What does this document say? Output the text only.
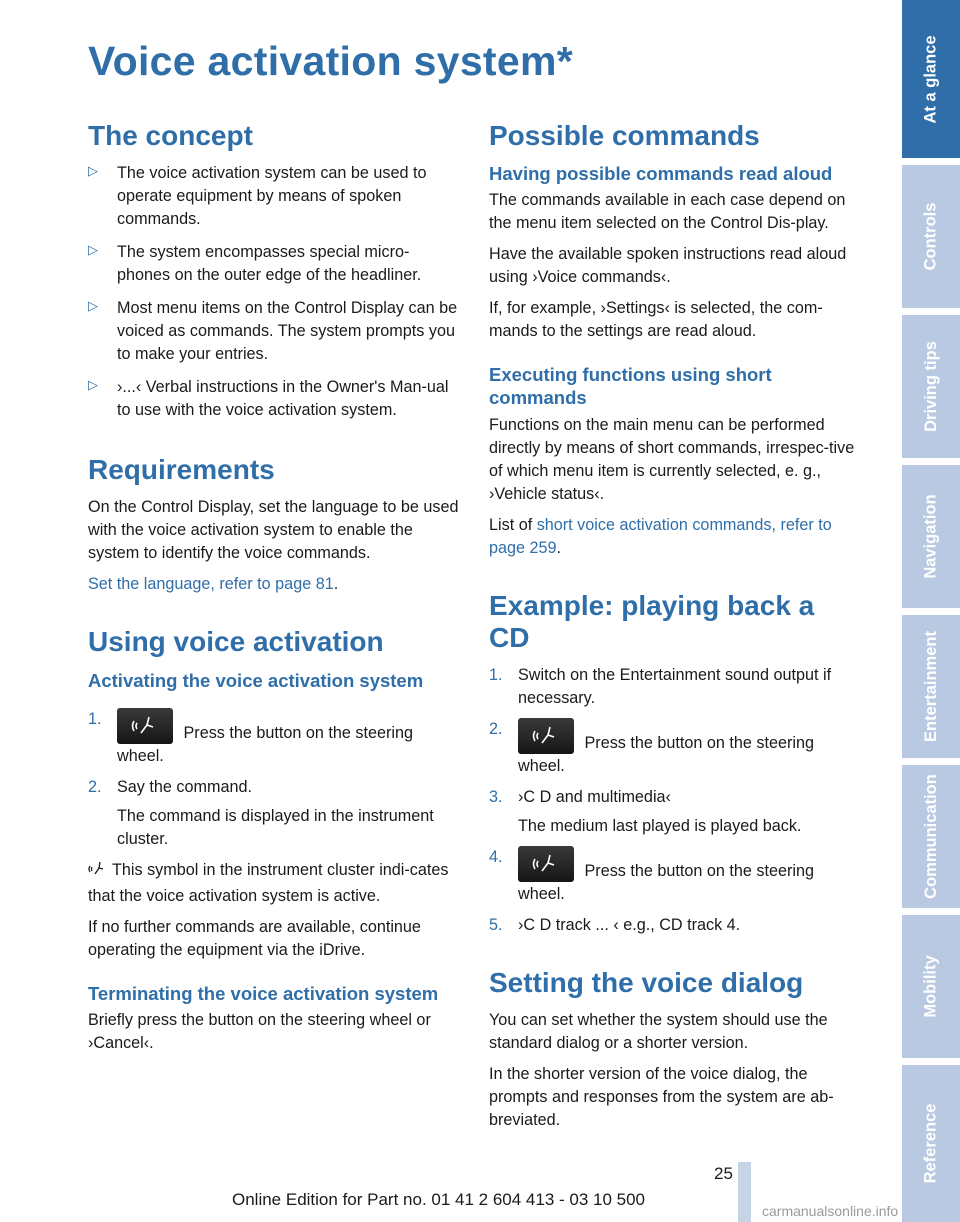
Voice activation system*
The concept
▷ The voice activation system can be used to operate equipment by means of spoken commands.
▷ The system encompasses special micro-phones on the outer edge of the headliner.
▷ Most menu items on the Control Display can be voiced as commands. The system prompts you to make your entries.
▷ ›...‹ Verbal instructions in the Owner's Man-ual to use with the voice activation system.
Requirements

On the Control Display, set the language to be used with the voice activation system to enable the system to identify the voice commands.

Set the language, refer to page 81.

Using voice activation
Activating the voice activation system
1.
Press the button on the steering wheel.
2. Say the command.
The command is displayed in the instrument cluster.

This symbol in the instrument cluster indi-cates that the voice activation system is active.

If no further commands are available, continue operating the equipment via the iDrive.

Terminating the voice activation system

Briefly press the button on the steering wheel or ›Cancel‹.

Possible commands
Having possible commands read aloud

The commands available in each case depend on the menu item selected on the Control Dis-play.

Have the available spoken instructions read aloud using ›Voice commands‹.

If, for example, ›Settings‹ is selected, the com-mands to the settings are read aloud.

Executing functions using short commands

Functions on the main menu can be performed directly by means of short commands, irrespec-tive of which menu item is currently selected, e. g., ›Vehicle status‹.

List of short voice activation commands, refer to page 259.

Example: playing back a CD
1. Switch on the Entertainment sound output if necessary.
2.
Press the button on the steering wheel.
3. ›C D and multimedia‹
The medium last played is played back.
4.
Press the button on the steering wheel.
5. ›C D track ... ‹ e.g., CD track 4.
Setting the voice dialog

You can set whether the system should use the standard dialog or a shorter version.

In the shorter version of the voice dialog, the prompts and responses from the system are ab-breviated.

25
Online Edition for Part no. 01 41 2 604 413 - 03 10 500
carmanualsonline.info
At a glance
Controls
Driving tips
Navigation
Entertainment
Communication
Mobility
Reference
